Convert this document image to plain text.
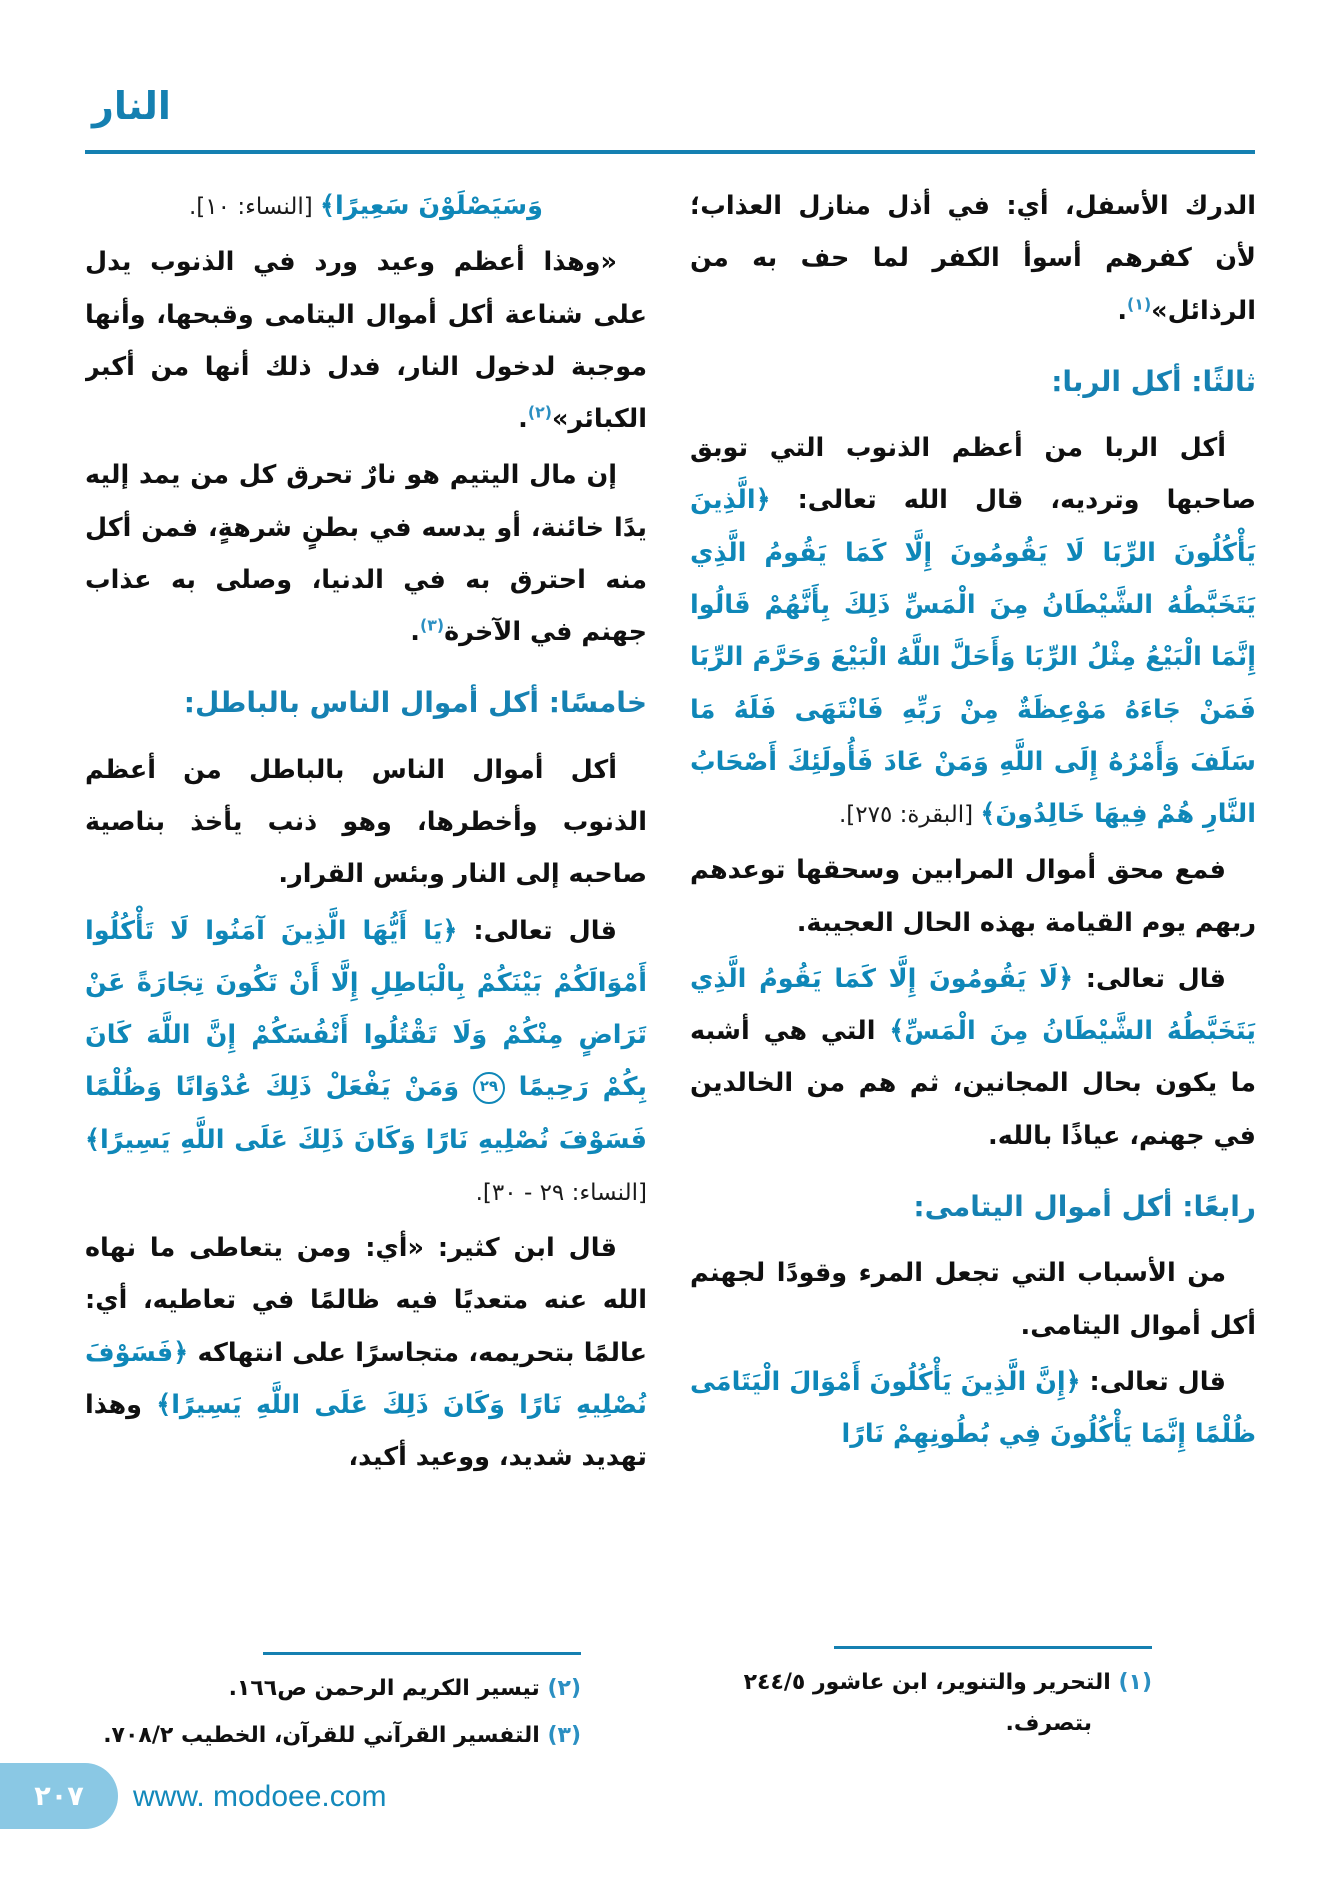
النار

الدرك الأسفل، أي: في أذل منازل العذاب؛ لأن كفرهم أسوأ الكفر لما حف به من الرذائل»$^{(١)}$.

ثالثًا: أكل الربا:

أكل الربا من أعظم الذنوب التي توبق صاحبها وترديه، قال الله تعالى: ﴿الَّذِينَ يَأْكُلُونَ الرِّبَا لَا يَقُومُونَ إِلَّا كَمَا يَقُومُ الَّذِي يَتَخَبَّطُهُ الشَّيْطَانُ مِنَ الْمَسِّ ذَلِكَ بِأَنَّهُمْ قَالُوا إِنَّمَا الْبَيْعُ مِثْلُ الرِّبَا وَأَحَلَّ اللَّهُ الْبَيْعَ وَحَرَّمَ الرِّبَا فَمَنْ جَاءَهُ مَوْعِظَةٌ مِنْ رَبِّهِ فَانْتَهَى فَلَهُ مَا سَلَفَ وَأَمْرُهُ إِلَى اللَّهِ وَمَنْ عَادَ فَأُولَئِكَ أَصْحَابُ النَّارِ هُمْ فِيهَا خَالِدُونَ﴾ [البقرة: ٢٧٥].

فمع محق أموال المرابين وسحقها توعدهم ربهم يوم القيامة بهذه الحال العجيبة.

قال تعالى: ﴿لَا يَقُومُونَ إِلَّا كَمَا يَقُومُ الَّذِي يَتَخَبَّطُهُ الشَّيْطَانُ مِنَ الْمَسِّ﴾ التي هي أشبه ما يكون بحال المجانين، ثم هم من الخالدين في جهنم، عياذًا بالله.

رابعًا: أكل أموال اليتامى:

من الأسباب التي تجعل المرء وقودًا لجهنم أكل أموال اليتامى.

قال تعالى: ﴿إِنَّ الَّذِينَ يَأْكُلُونَ أَمْوَالَ الْيَتَامَى ظُلْمًا إِنَّمَا يَأْكُلُونَ فِي بُطُونِهِمْ نَارًا

وَسَيَصْلَوْنَ سَعِيرًا﴾ [النساء: ١٠].

«وهذا أعظم وعيد ورد في الذنوب يدل على شناعة أكل أموال اليتامى وقبحها، وأنها موجبة لدخول النار، فدل ذلك أنها من أكبر الكبائر»$^{(٢)}$.

إن مال اليتيم هو نارٌ تحرق كل من يمد إليه يدًا خائنة، أو يدسه في بطنٍ شرهةٍ، فمن أكل منه احترق به في الدنيا، وصلى به عذاب جهنم في الآخرة$^{(٣)}$.

خامسًا: أكل أموال الناس بالباطل:

أكل أموال الناس بالباطل من أعظم الذنوب وأخطرها، وهو ذنب يأخذ بناصية صاحبه إلى النار وبئس القرار.

قال تعالى: ﴿يَا أَيُّهَا الَّذِينَ آمَنُوا لَا تَأْكُلُوا أَمْوَالَكُمْ بَيْنَكُمْ بِالْبَاطِلِ إِلَّا أَنْ تَكُونَ تِجَارَةً عَنْ تَرَاضٍ مِنْكُمْ وَلَا تَقْتُلُوا أَنْفُسَكُمْ إِنَّ اللَّهَ كَانَ بِكُمْ رَحِيمًا ٢٩ وَمَنْ يَفْعَلْ ذَلِكَ عُدْوَانًا وَظُلْمًا فَسَوْفَ نُصْلِيهِ نَارًا وَكَانَ ذَلِكَ عَلَى اللَّهِ يَسِيرًا﴾ [النساء: ٢٩ - ٣٠].

قال ابن كثير: «أي: ومن يتعاطى ما نهاه الله عنه متعديًا فيه ظالمًا في تعاطيه، أي: عالمًا بتحريمه، متجاسرًا على انتهاكه ﴿فَسَوْفَ نُصْلِيهِ نَارًا وَكَانَ ذَلِكَ عَلَى اللَّهِ يَسِيرًا﴾ وهذا تهديد شديد، ووعيد أكيد،

(١) التحرير والتنوير، ابن عاشور ٢٤٤/٥ بتصرف.

(٢) تيسير الكريم الرحمن ص١٦٦.

(٣) التفسير القرآني للقرآن، الخطيب ٧٠٨/٢.

٢٠٧ www. modoee.com
